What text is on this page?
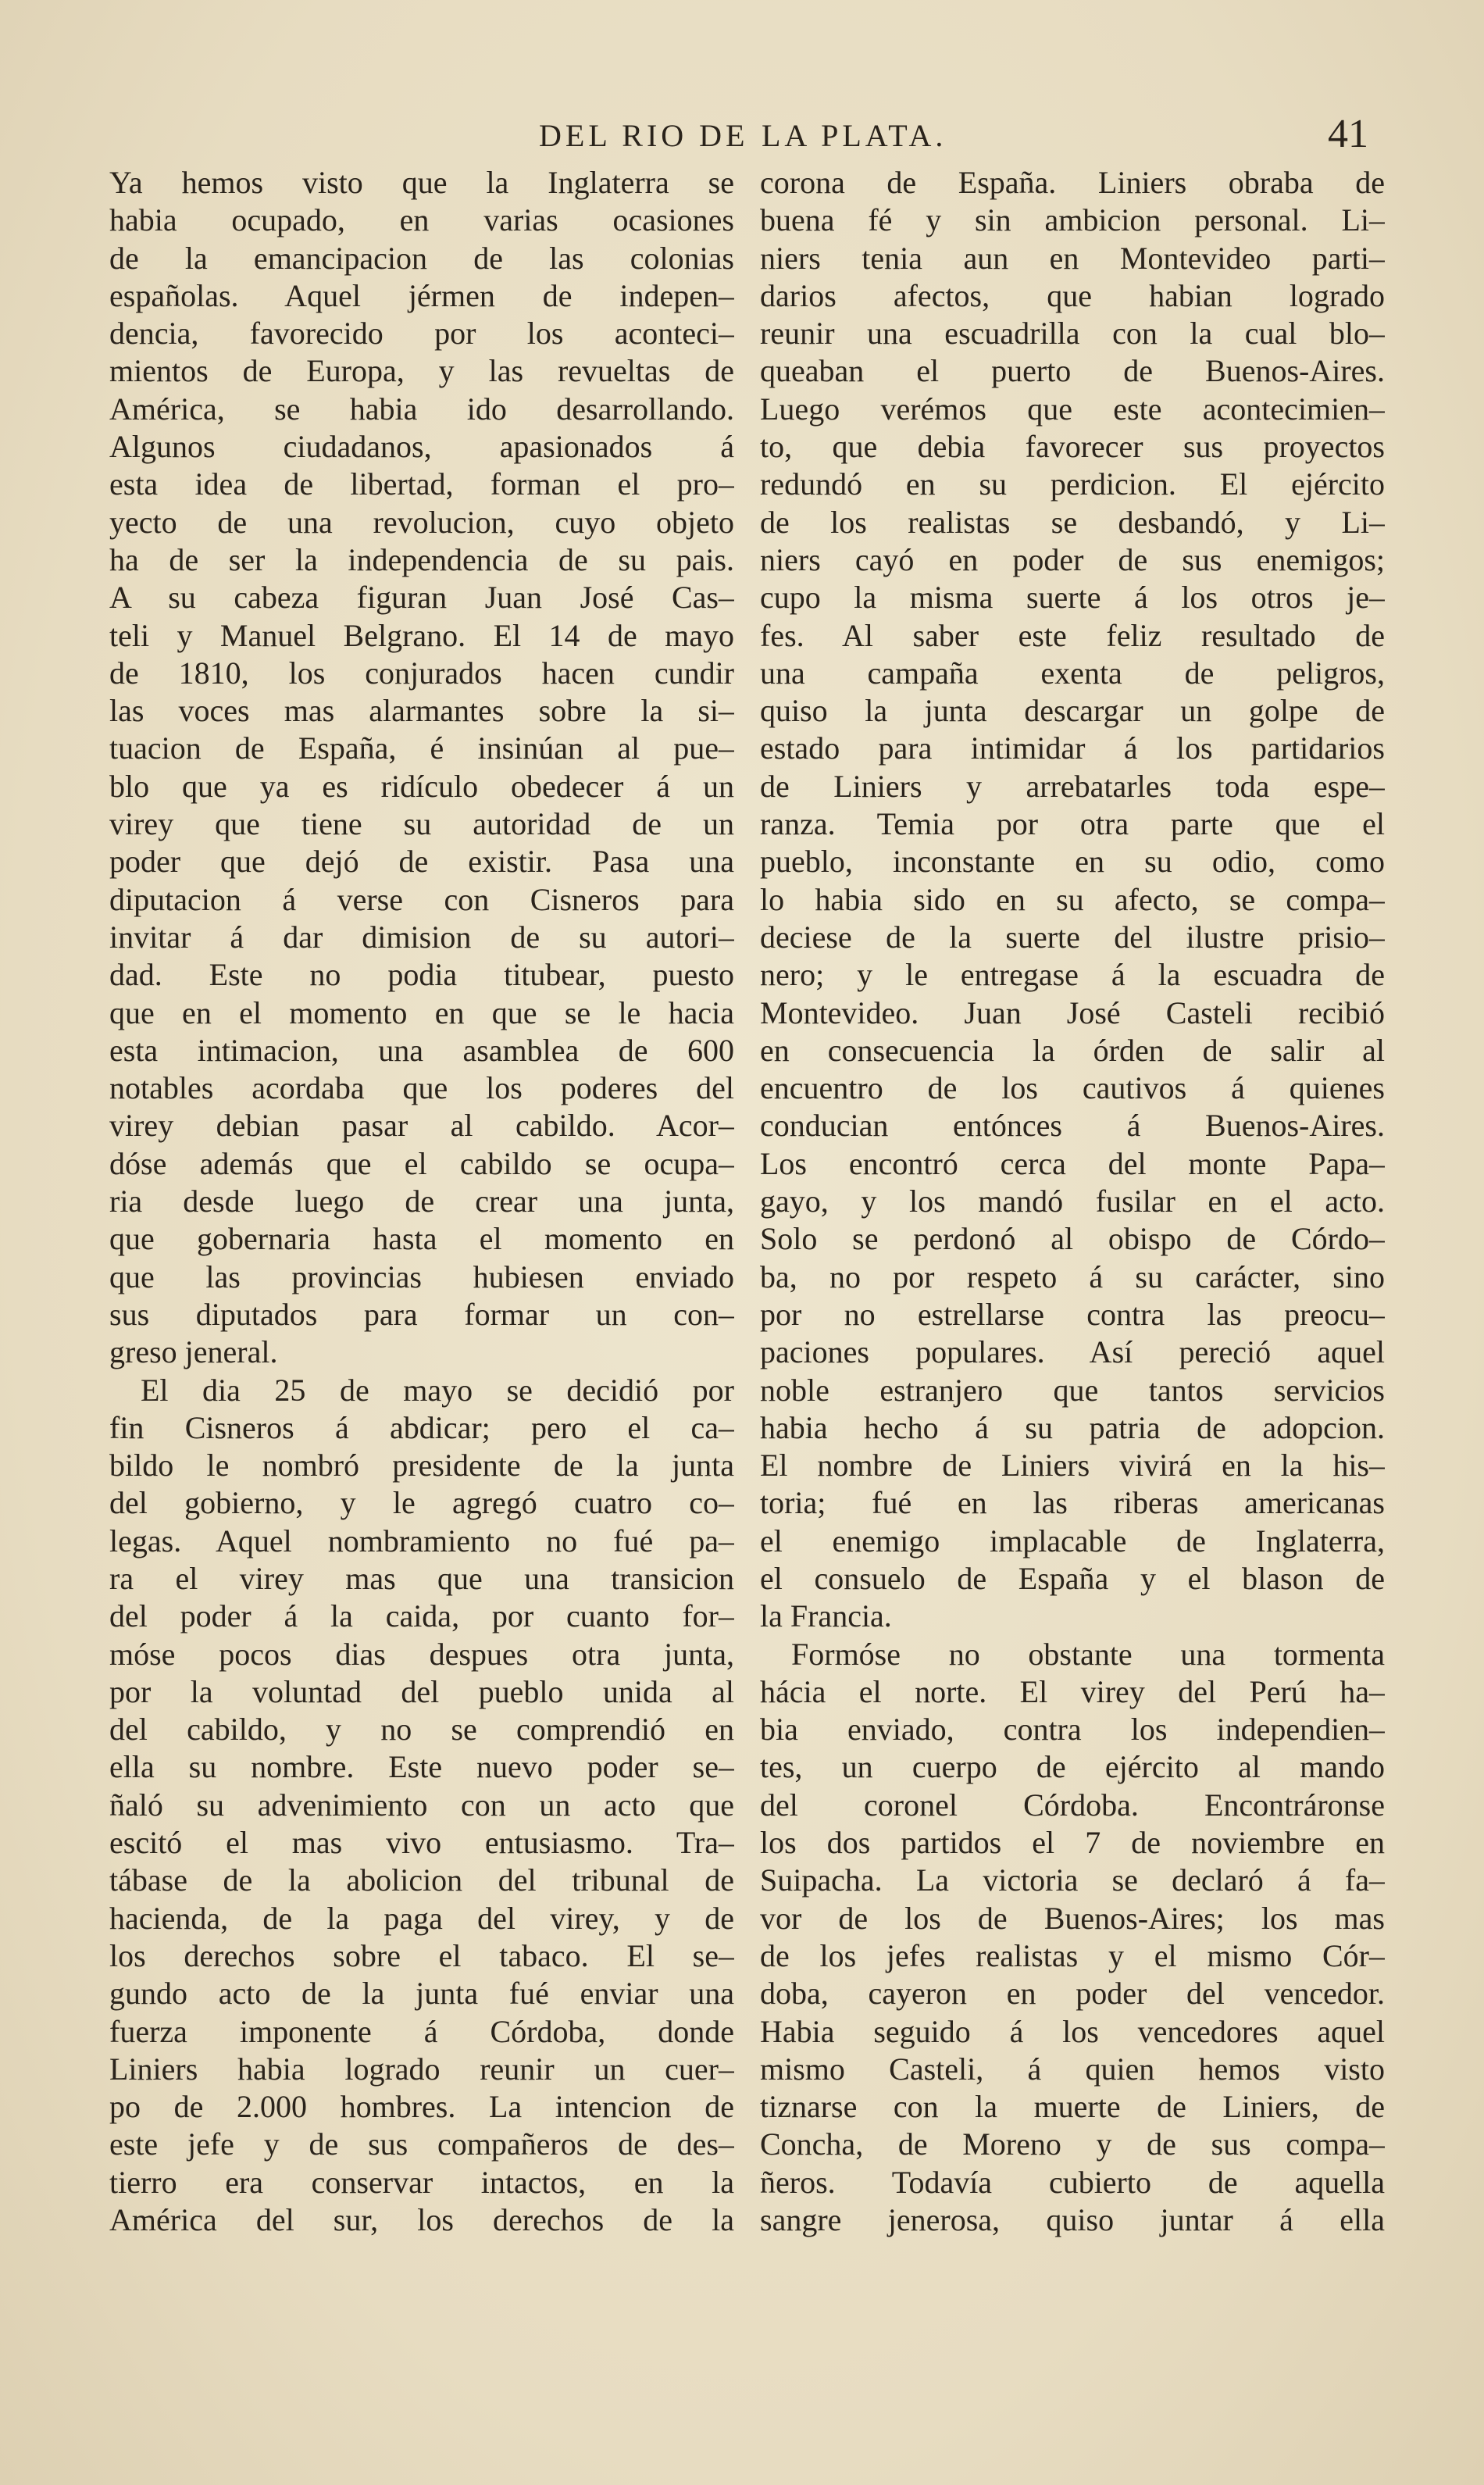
DEL RIO DE LA PLATA.	41
Ya hemos visto que la Inglaterra se
habia ocupado, en varias ocasiones
de la emancipacion de las colonias
españolas. Aquel jérmen de indepen–
dencia, favorecido por los aconteci–
mientos de Europa, y las revueltas de
América, se habia ido desarrollando.
Algunos ciudadanos, apasionados á
esta idea de libertad, forman el pro–
yecto de una revolucion, cuyo objeto
ha de ser la independencia de su pais.
A su cabeza figuran Juan José Cas–
teli y Manuel Belgrano. El 14 de mayo
de 1810, los conjurados hacen cundir
las voces mas alarmantes sobre la si–
tuacion de España, é insinúan al pue–
blo que ya es ridículo obedecer á un
virey que tiene su autoridad de un
poder que dejó de existir. Pasa una
diputacion á verse con Cisneros para
invitar á dar dimision de su autori–
dad. Este no podia titubear, puesto
que en el momento en que se le hacia
esta intimacion, una asamblea de 600
notables acordaba que los poderes del
virey debian pasar al cabildo. Acor–
dóse además que el cabildo se ocupa–
ria desde luego de crear una junta,
que gobernaria hasta el momento en
que las provincias hubiesen enviado
sus diputados para formar un con–
greso jeneral.
El dia 25 de mayo se decidió por
fin Cisneros á abdicar; pero el ca–
bildo le nombró presidente de la junta
del gobierno, y le agregó cuatro co–
legas. Aquel nombramiento no fué pa–
ra el virey mas que una transicion
del poder á la caida, por cuanto for–
móse pocos dias despues otra junta,
por la voluntad del pueblo unida al
del cabildo, y no se comprendió en
ella su nombre. Este nuevo poder se–
ñaló su advenimiento con un acto que
escitó el mas vivo entusiasmo. Tra–
tábase de la abolicion del tribunal de
hacienda, de la paga del virey, y de
los derechos sobre el tabaco. El se–
gundo acto de la junta fué enviar una
fuerza imponente á Córdoba, donde
Liniers habia logrado reunir un cuer–
po de 2.000 hombres. La intencion de
este jefe y de sus compañeros de des–
tierro era conservar intactos, en la
América del sur, los derechos de la
corona de España. Liniers obraba de
buena fé y sin ambicion personal. Li–
niers tenia aun en Montevideo parti–
darios afectos, que habian logrado
reunir una escuadrilla con la cual blo–
queaban el puerto de Buenos-Aires.
Luego verémos que este acontecimien–
to, que debia favorecer sus proyectos
redundó en su perdicion. El ejército
de los realistas se desbandó, y Li–
niers cayó en poder de sus enemigos;
cupo la misma suerte á los otros je–
fes. Al saber este feliz resultado de
una campaña exenta de peligros,
quiso la junta descargar un golpe de
estado para intimidar á los partidarios
de Liniers y arrebatarles toda espe–
ranza. Temia por otra parte que el
pueblo, inconstante en su odio, como
lo habia sido en su afecto, se compa–
deciese de la suerte del ilustre prisio–
nero; y le entregase á la escuadra de
Montevideo. Juan José Casteli recibió
en consecuencia la órden de salir al
encuentro de los cautivos á quienes
conducian entónces á Buenos-Aires.
Los encontró cerca del monte Papa–
gayo, y los mandó fusilar en el acto.
Solo se perdonó al obispo de Córdo–
ba, no por respeto á su carácter, sino
por no estrellarse contra las preocu–
paciones populares. Así pereció aquel
noble estranjero que tantos servicios
habia hecho á su patria de adopcion.
El nombre de Liniers vivirá en la his–
toria; fué en las riberas americanas
el enemigo implacable de Inglaterra,
el consuelo de España y el blason de
la Francia.
Formóse no obstante una tormenta
hácia el norte. El virey del Perú ha–
bia enviado, contra los independien–
tes, un cuerpo de ejército al mando
del coronel Córdoba. Encontráronse
los dos partidos el 7 de noviembre en
Suipacha. La victoria se declaró á fa–
vor de los de Buenos-Aires; los mas
de los jefes realistas y el mismo Cór–
doba, cayeron en poder del vencedor.
Habia seguido á los vencedores aquel
mismo Casteli, á quien hemos visto
tiznarse con la muerte de Liniers, de
Concha, de Moreno y de sus compa–
ñeros. Todavía cubierto de aquella
sangre jenerosa, quiso juntar á ella
